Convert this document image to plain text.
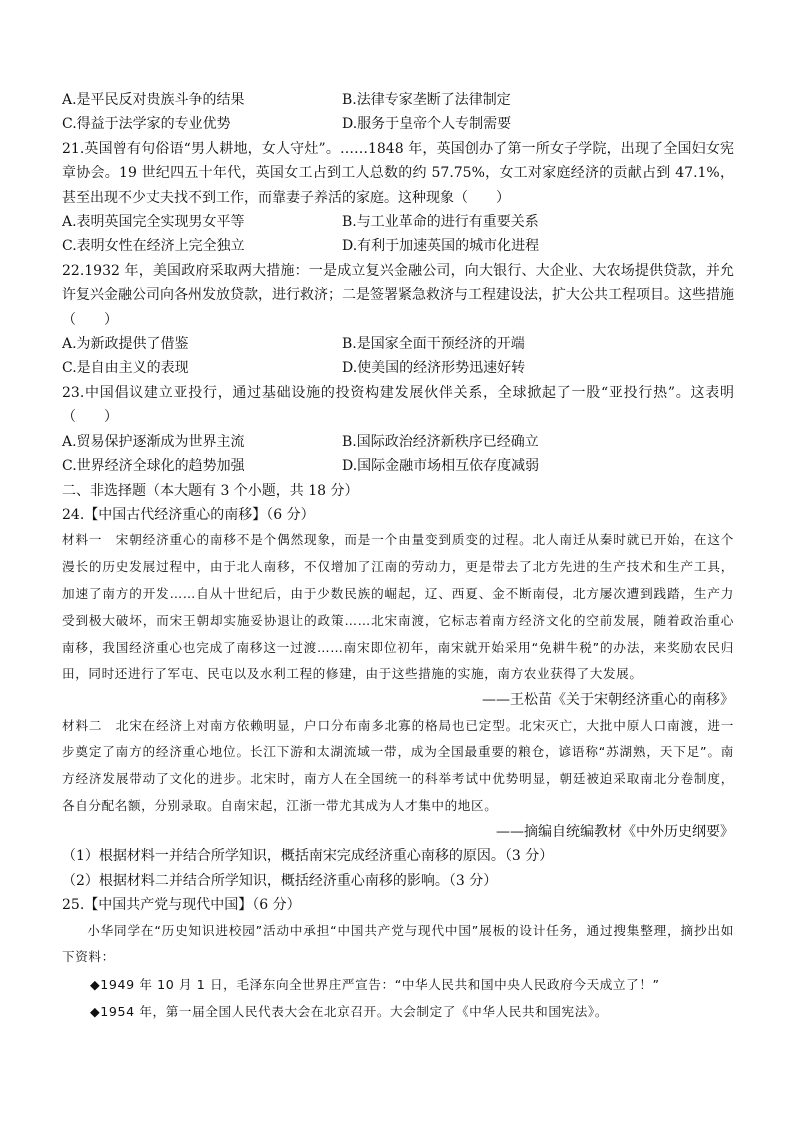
A.是平民反对贵族斗争的结果	B.法律专家垄断了法律制定
C.得益于法学家的专业优势	D.服务于皇帝个人专制需要
21.英国曾有句俗语“男人耕地，女人守灶”。……1848 年，英国创办了第一所女子学院，出现了全国妇女宪章协会。19 世纪四五十年代，英国女工占到工人总数的约 57.75%，女工对家庭经济的贡献占到 47.1%，甚至出现不少丈夫找不到工作，而靠妻子养活的家庭。这种现象（　　）
A.表明英国完全实现男女平等	B.与工业革命的进行有重要关系
C.表明女性在经济上完全独立	D.有利于加速英国的城市化进程
22.1932 年，美国政府采取两大措施：一是成立复兴金融公司，向大银行、大企业、大农场提供贷款，并允许复兴金融公司向各州发放贷款，进行救济；二是签署紧急救济与工程建设法，扩大公共工程项目。这些措施（　　）
A.为新政提供了借鉴	B.是国家全面干预经济的开端
C.是自由主义的表现	D.使美国的经济形势迅速好转
23.中国倡议建立亚投行，通过基础设施的投资构建发展伙伴关系，全球掀起了一股“亚投行热”。这表明（　　）
A.贸易保护逐渐成为世界主流	B.国际政治经济新秩序已经确立
C.世界经济全球化的趋势加强	D.国际金融市场相互依存度减弱
二、非选择题（本大题有 3 个小题，共 18 分）
24.【中国古代经济重心的南移】（6 分）
材料一　宋朝经济重心的南移不是个偶然现象，而是一个由量变到质变的过程。北人南迁从秦时就已开始，在这个漫长的历史发展过程中，由于北人南移，不仅增加了江南的劳动力，更是带去了北方先进的生产技术和生产工具，加速了南方的开发……自从十世纪后，由于少数民族的崛起，辽、西夏、金不断南侵，北方屡次遭到践踏，生产力受到极大破坏，而宋王朝却实施妥协退让的政策……北宋南渡，它标志着南方经济文化的空前发展，随着政治重心南移，我国经济重心也完成了南移这一过渡……南宋即位初年，南宋就开始采用“免耕牛税”的办法，来奖励农民归田，同时还进行了军屯、民屯以及水利工程的修建，由于这些措施的实施，南方农业获得了大发展。
——王松苗《关于宋朝经济重心的南移》
材料二　北宋在经济上对南方依赖明显，户口分布南多北寡的格局也已定型。北宋灭亡，大批中原人口南渡，进一步奠定了南方的经济重心地位。长江下游和太湖流域一带，成为全国最重要的粮仓，谚语称“苏湖熟，天下足”。南方经济发展带动了文化的进步。北宋时，南方人在全国统一的科举考试中优势明显，朝廷被迫采取南北分卷制度，各自分配名额，分别录取。自南宋起，江浙一带尤其成为人才集中的地区。
——摘编自统编教材《中外历史纲要》
（1）根据材料一并结合所学知识，概括南宋完成经济重心南移的原因。（3 分）
（2）根据材料二并结合所学知识，概括经济重心南移的影响。（3 分）
25.【中国共产党与现代中国】（6 分）
小华同学在“历史知识进校园”活动中承担“中国共产党与现代中国”展板的设计任务，通过搜集整理，摘抄出如下资料：
◆1949 年 10 月 1 日，毛泽东向全世界庄严宣告：“中华人民共和国中央人民政府今天成立了！”
◆1954 年，第一届全国人民代表大会在北京召开。大会制定了《中华人民共和国宪法》。
